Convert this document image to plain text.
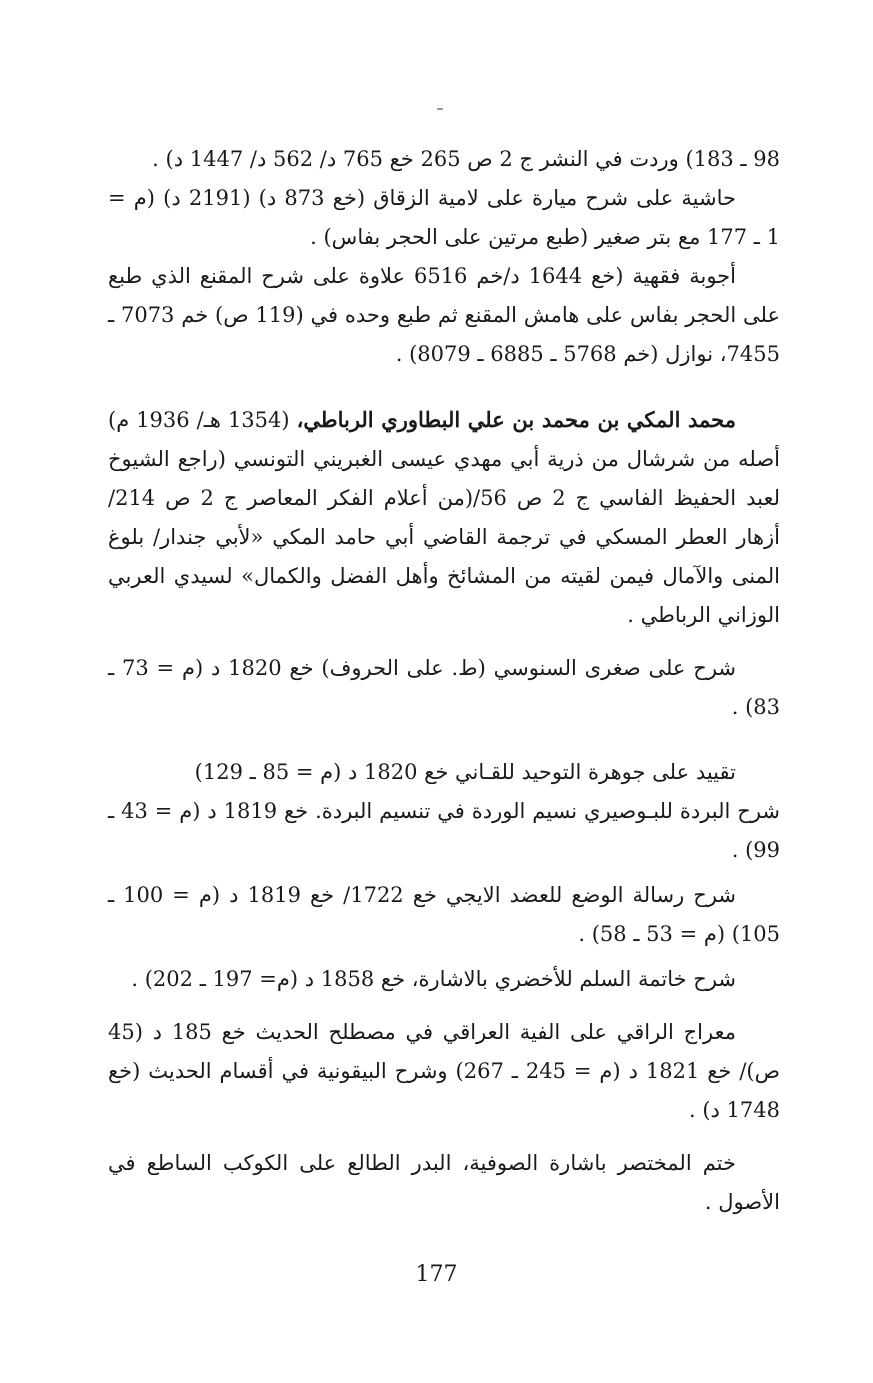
98 ـ 183) وردت في النشر ج 2 ص 265 خع 765 د/ 562 د/ 1447 د) .

حاشية على شرح ميارة على لامية الزقاق (خع 873 د) (2191 د) (م = 1 ـ 177 مع بتر صغير (طبع مرتين على الحجر بفاس) .

أجوبة فقهية (خع 1644 د/خم 6516 علاوة على شرح المقنع الذي طبع على الحجر بفاس على هامش المقنع ثم طبع وحده في (119 ص) خم 7073 ـ 7455، نوازل (خم 5768 ـ 6885 ـ 8079) .

محمد المكي بن محمد بن علي البطاوري الرباطي، (1354 هـ/ 1936 م) أصله من شرشال من ذرية أبي مهدي عيسى الغبريني التونسي (راجع الشيوخ لعبد الحفيظ الفاسي ج 2 ص 56/(من أعلام الفكر المعاصر ج 2 ص 214/ أزهار العطر المسكي في ترجمة القاضي أبي حامد المكي «لأبي جندار/ بلوغ المنى والآمال فيمن لقيته من المشائخ وأهل الفضل والكمال» لسيدي العربي الوزاني الرباطي .

شرح على صغرى السنوسي (ط. على الحروف) خع 1820 د (م = 73 ـ 83) .

تقييد على جوهرة التوحيد للقـاني خع 1820 د (م = 85 ـ 129)

شرح البردة للبـوصيري نسيم الوردة في تنسيم البردة. خع 1819 د (م = 43 ـ 99) .

شرح رسالة الوضع للعضد الايجي خع 1722/ خع 1819 د (م = 100 ـ 105) (م = 53 ـ 58) .

شرح خاتمة السلم للأخضري بالاشارة، خع 1858 د (م= 197 ـ 202) .

معراج الراقي على الفية العراقي في مصطلح الحديث خع 185 د (45 ص)/ خع 1821 د (م = 245 ـ 267) وشرح البيقونية في أقسام الحديث (خع 1748 د) .

ختم المختصر باشارة الصوفية، البدر الطالع على الكوكب الساطع في الأصول .

177
